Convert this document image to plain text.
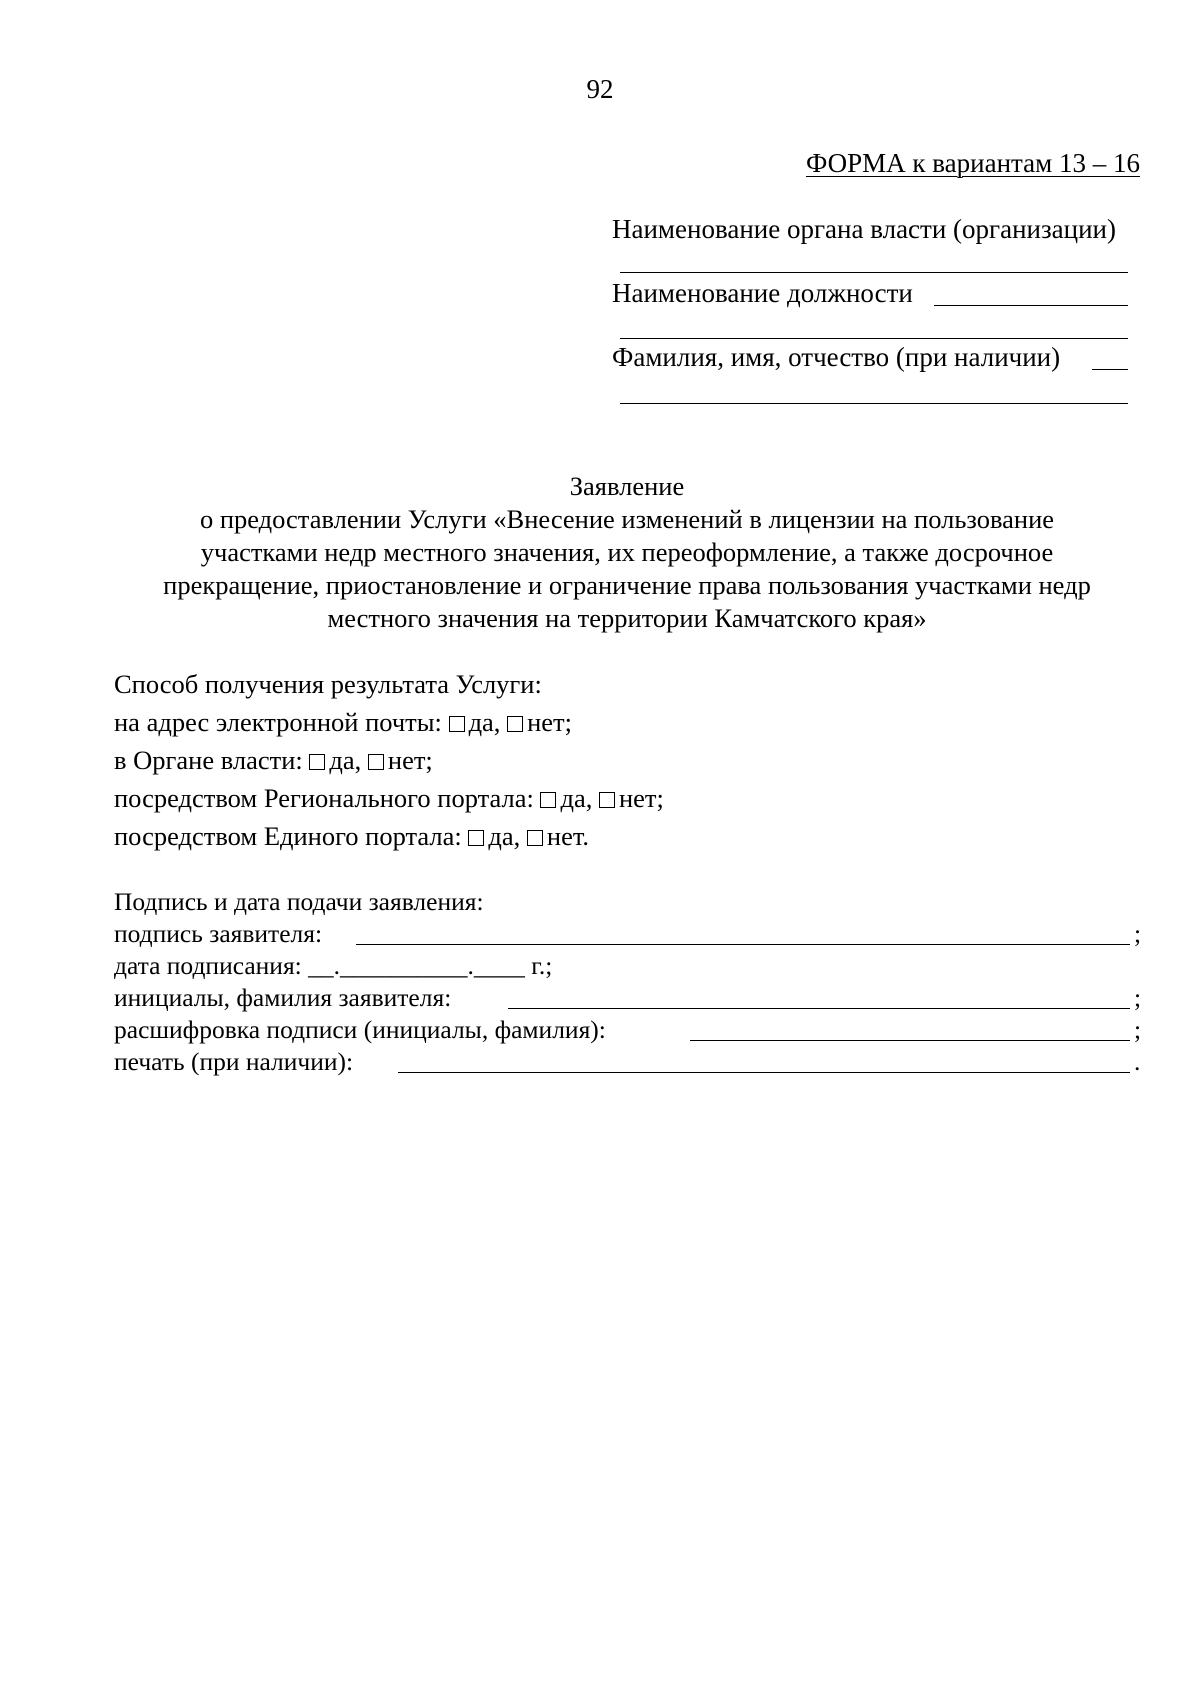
92
ФОРМА к вариантам 13 – 16
Наименование органа власти (организации)
Наименование должности
Фамилия, имя, отчество (при наличии)
Заявление
о предоставлении Услуги «Внесение изменений в лицензии на пользование
участками недр местного значения, их переоформление, а также досрочное
прекращение, приостановление и ограничение права пользования участками недр
местного значения на территории Камчатского края»
Способ получения результата Услуги:
на адрес электронной почты: да, нет;
в Органе власти: да, нет;
посредством Регионального портала: да, нет;
посредством Единого портала: да, нет.
Подпись и дата подачи заявления:
подпись заявителя:	;
дата подписания: __.__________.____ г.;
инициалы, фамилия заявителя:	;
расшифровка подписи (инициалы, фамилия):	;
печать (при наличии):	.
